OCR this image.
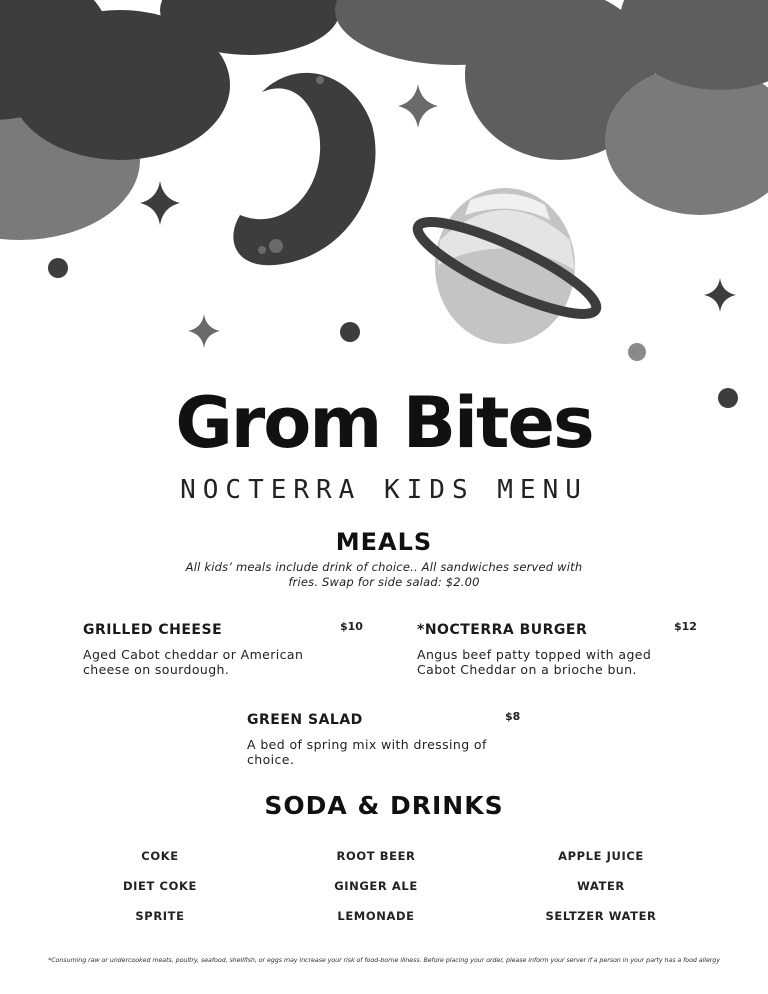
Grom Bites
NOCTERRA KIDS MENU
MEALS

All kids’ meals include drink of choice.. All sandwiches served with fries. Swap for side salad: $2.00

GRILLED CHEESE	$10
Aged Cabot cheddar or American cheese on sourdough.
*NOCTERRA BURGER	$12
Angus beef patty topped with aged Cabot Cheddar on a brioche bun.
GREEN SALAD	$8
A bed of spring mix with dressing of choice.
SODA & DRINKS
COKE	ROOT BEER	APPLE JUICE
DIET COKE	GINGER ALE	WATER
SPRITE	LEMONADE	SELTZER WATER
*Consuming raw or undercooked meats, poultry, seafood, shellfish, or eggs may increase your risk of food-borne illness. Before placing your order, please inform your server if a person in your party has a food allergy
